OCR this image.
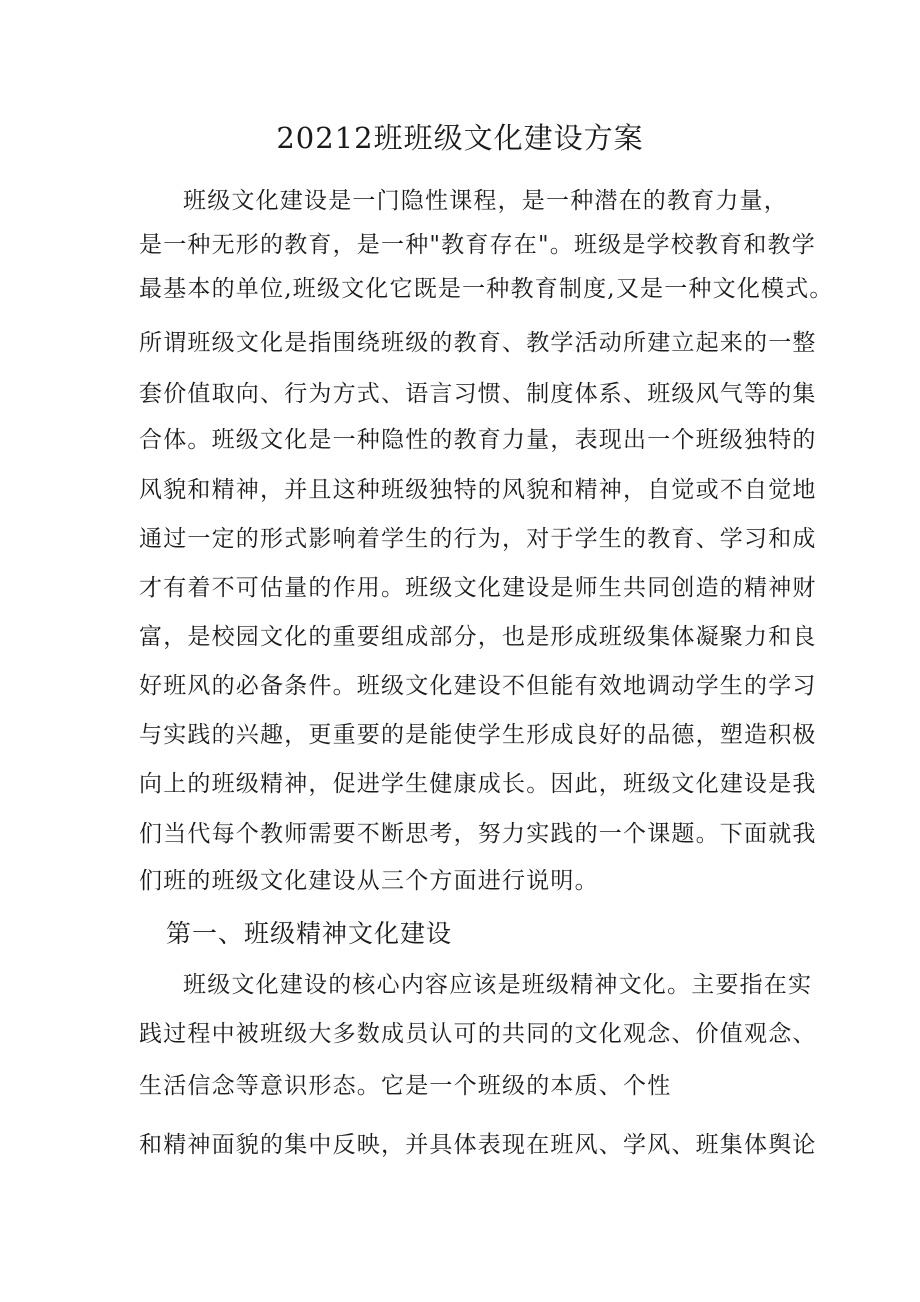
20212班班级文化建设方案
班级文化建设是一门隐性课程，是一种潜在的教育力量，
是一种无形的教育，是一种"教育存在"。班级是学校教育和教学
最基本的单位,班级文化它既是一种教育制度,又是一种文化模式。
所谓班级文化是指围绕班级的教育、教学活动所建立起来的一整
套价值取向、行为方式、语言习惯、制度体系、班级风气等的集
合体。班级文化是一种隐性的教育力量，表现出一个班级独特的
风貌和精神，并且这种班级独特的风貌和精神，自觉或不自觉地
通过一定的形式影响着学生的行为，对于学生的教育、学习和成
才有着不可估量的作用。班级文化建设是师生共同创造的精神财
富，是校园文化的重要组成部分，也是形成班级集体凝聚力和良
好班风的必备条件。班级文化建设不但能有效地调动学生的学习
与实践的兴趣，更重要的是能使学生形成良好的品德，塑造积极
向上的班级精神，促进学生健康成长。因此，班级文化建设是我
们当代每个教师需要不断思考，努力实践的一个课题。下面就我
们班的班级文化建设从三个方面进行说明。
第一、班级精神文化建设
班级文化建设的核心内容应该是班级精神文化。主要指在实
践过程中被班级大多数成员认可的共同的文化观念、价值观念、
生活信念等意识形态。它是一个班级的本质、个性
和精神面貌的集中反映，并具体表现在班风、学风、班集体舆论
